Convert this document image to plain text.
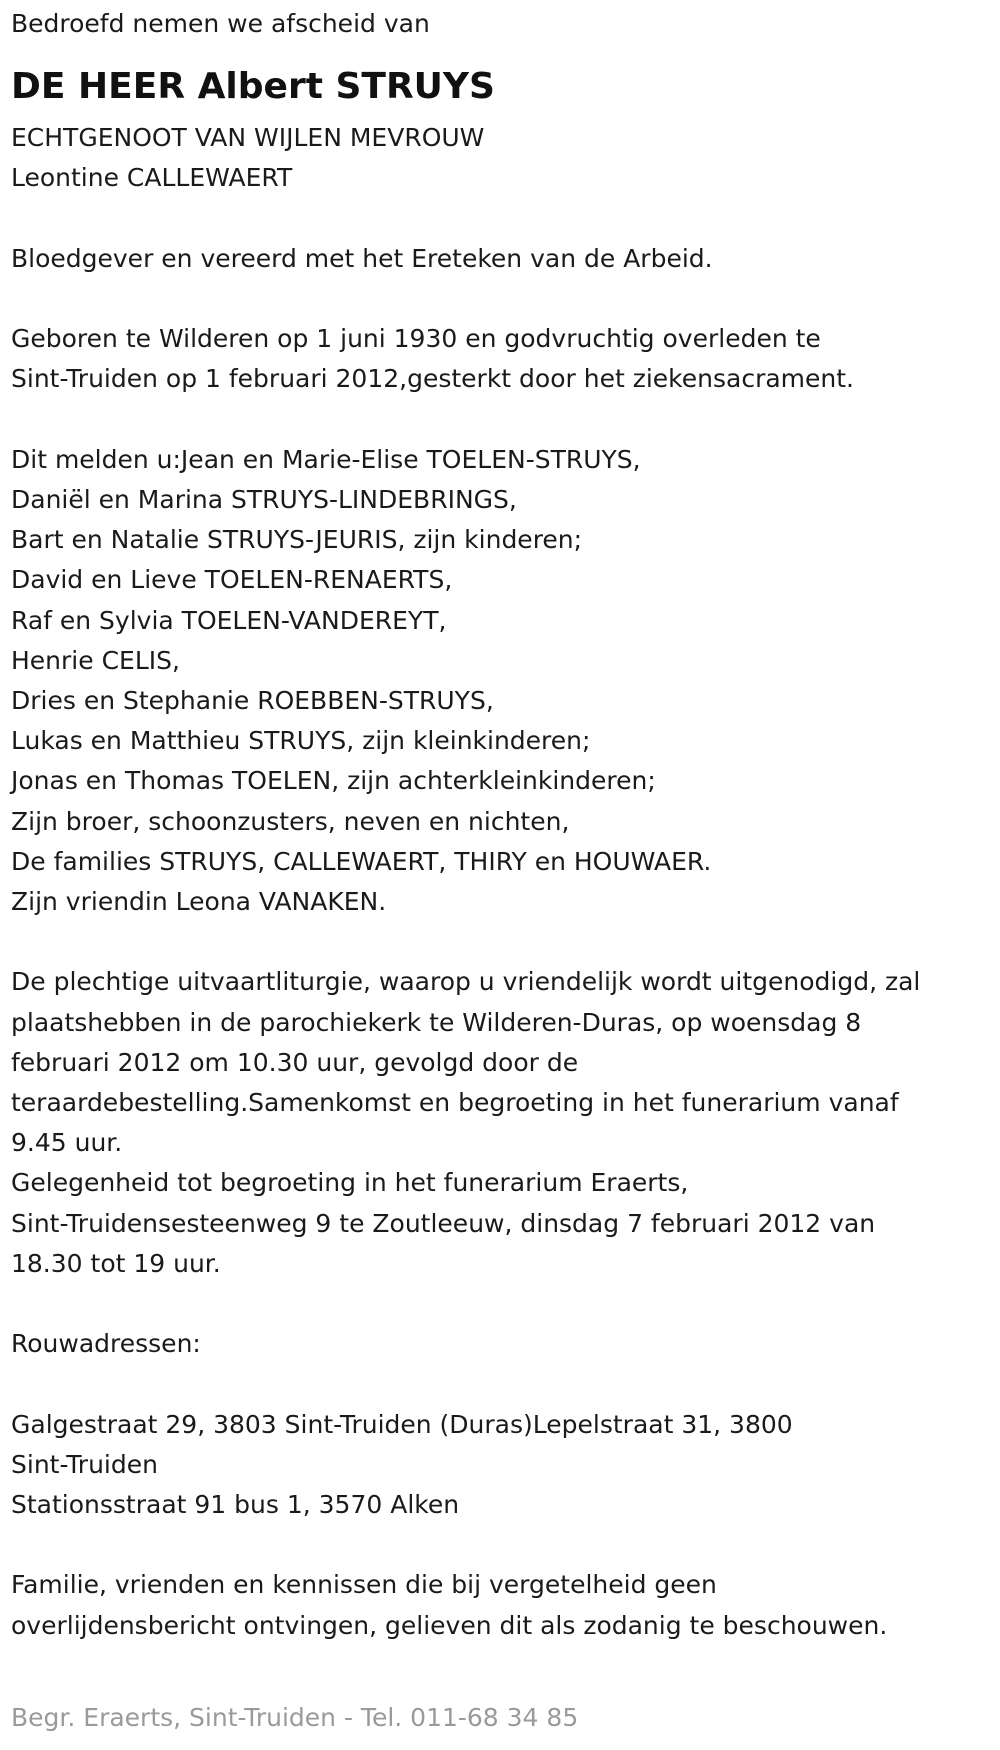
Bedroefd nemen we afscheid van
DE HEER Albert STRUYS
ECHTGENOOT VAN WIJLEN MEVROUW
Leontine CALLEWAERT
Bloedgever en vereerd met het Ereteken van de Arbeid.
Geboren te Wilderen op 1 juni 1930 en godvruchtig overleden te
Sint-Truiden op 1 februari 2012,gesterkt door het ziekensacrament.
Dit melden u:Jean en Marie-Elise TOELEN-STRUYS,
Daniël en Marina STRUYS-LINDEBRINGS,
Bart en Natalie STRUYS-JEURIS, zijn kinderen;
David en Lieve TOELEN-RENAERTS,
Raf en Sylvia TOELEN-VANDEREYT,
Henrie CELIS,
Dries en Stephanie ROEBBEN-STRUYS,
Lukas en Matthieu STRUYS, zijn kleinkinderen;
Jonas en Thomas TOELEN, zijn achterkleinkinderen;
Zijn broer, schoonzusters, neven en nichten,
De families STRUYS, CALLEWAERT, THIRY en HOUWAER.
Zijn vriendin Leona VANAKEN.
De plechtige uitvaartliturgie, waarop u vriendelijk wordt uitgenodigd, zal
plaatshebben in de parochiekerk te Wilderen-Duras, op woensdag 8
februari 2012 om 10.30 uur, gevolgd door de
teraardebestelling.Samenkomst en begroeting in het funerarium vanaf
9.45 uur.
Gelegenheid tot begroeting in het funerarium Eraerts,
Sint-Truidensesteenweg 9 te Zoutleeuw, dinsdag 7 februari 2012 van
18.30 tot 19 uur.
Rouwadressen:
Galgestraat 29, 3803 Sint-Truiden (Duras)Lepelstraat 31, 3800
Sint-Truiden
Stationsstraat 91 bus 1, 3570 Alken
Familie, vrienden en kennissen die bij vergetelheid geen
overlijdensbericht ontvingen, gelieven dit als zodanig te beschouwen.
Begr. Eraerts, Sint-Truiden - Tel. 011-68 34 85
